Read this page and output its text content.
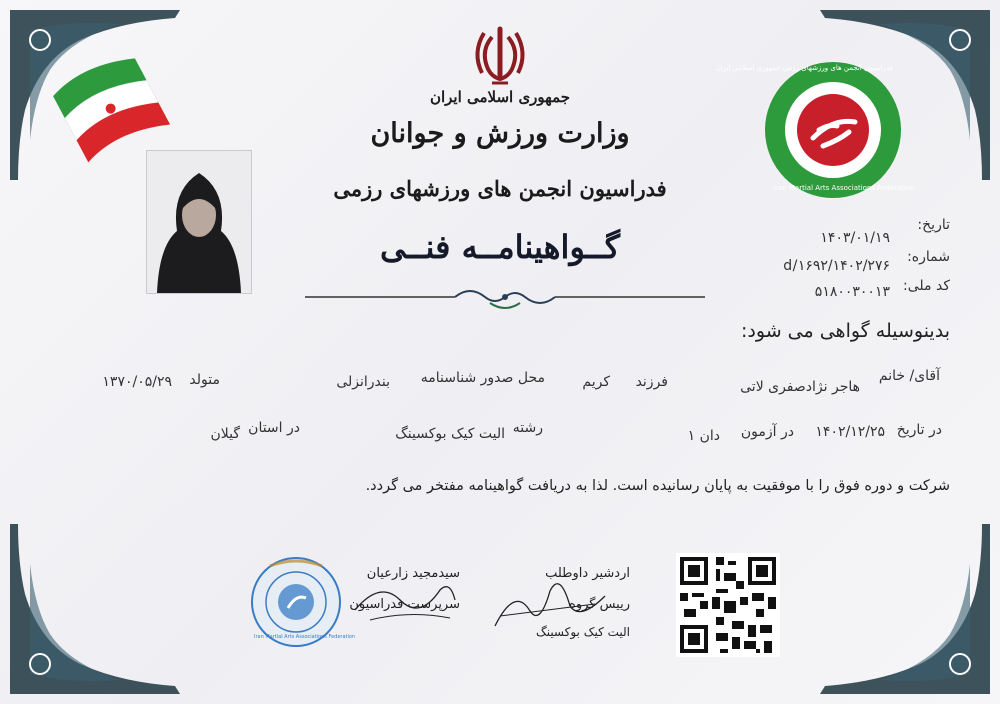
جمهوری اسلامی ایران
وزارت ورزش و جوانان
فدراسیون انجمن های ورزشهای رزمی
گــواهینامــه فنــی
فدراسیون انجمن های ورزشهای رزمی جمهوری اسلامی ایران
Iran Martial Arts Associations Federation
تاریخ:
۱۴۰۳/۰۱/۱۹
شماره:
۱۴۰۲/۲۷۶/d/۱۶۹۲
کد ملی:
۵۱۸۰۰۳۰۰۱۳
بدینوسیله گواهی می شود:
آقای/ خانم
هاجر نژادصفری لاتی
فرزند
کریم
محل صدور شناسنامه
بندرانزلی
متولد
۱۳۷۰/۰۵/۲۹
در تاریخ
۱۴۰۲/۱۲/۲۵
در آزمون
دان ۱
رشته
الیت کیک بوکسینگ
در استان
گیلان
شرکت و دوره فوق را با موفقیت به پایان رسانیده است. لذا به دریافت گواهینامه مفتخر می گردد.
Iran Martial Arts Associations Federation
سیدمجید زارعیان
سرپرست فدراسیون
اردشیر داوطلب
رییس گروه
الیت کیک بوکسینگ
